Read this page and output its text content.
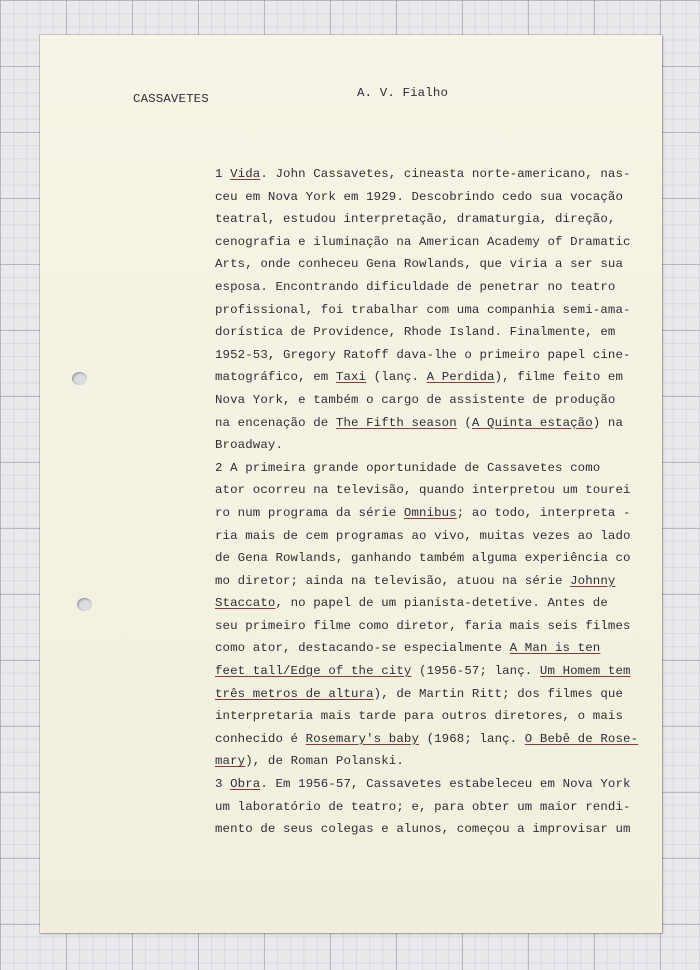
CASSAVETES	A. V. Fialho
1 Vida. John Cassavetes, cineasta norte-americano, nas-
ceu em Nova York em 1929. Descobrindo cedo sua vocação
teatral, estudou interpretação, dramaturgia, direção,
cenografia e iluminação na American Academy of Dramatic
Arts, onde conheceu Gena Rowlands, que viria a ser sua
esposa. Encontrando dificuldade de penetrar no teatro
profissional, foi trabalhar com uma companhia semi-ama-
dorística de Providence, Rhode Island. Finalmente, em
1952-53, Gregory Ratoff dava-lhe o primeiro papel cine-
matográfico, em Taxi (lanç. A Perdida), filme feito em
Nova York, e também o cargo de assistente de produção
na encenação de The Fifth season (A Quinta estação) na
Broadway.
2 A primeira grande oportunidade de Cassavetes como
ator ocorreu na televisão, quando interpretou um tourei
ro num programa da série Omnibus; ao todo, interpreta -
ria mais de cem programas ao vivo, muitas vezes ao lado
de Gena Rowlands, ganhando também alguma experiência co
mo diretor; ainda na televisão, atuou na série Johnny
Staccato, no papel de um pianista-detetive. Antes de
seu primeiro filme como diretor, faria mais seis filmes
como ator, destacando-se especialmente A Man is ten
feet tall/Edge of the city (1956-57; lanç. Um Homem tem
três metros de altura), de Martin Ritt; dos filmes que
interpretaria mais tarde para outros diretores, o mais
conhecido é Rosemary's baby (1968; lanç. O Bebê de Rose-
mary), de Roman Polanski.
3 Obra. Em 1956-57, Cassavetes estabeleceu em Nova York
um laboratório de teatro; e, para obter um maior rendi-
mento de seus colegas e alunos, começou a improvisar um
